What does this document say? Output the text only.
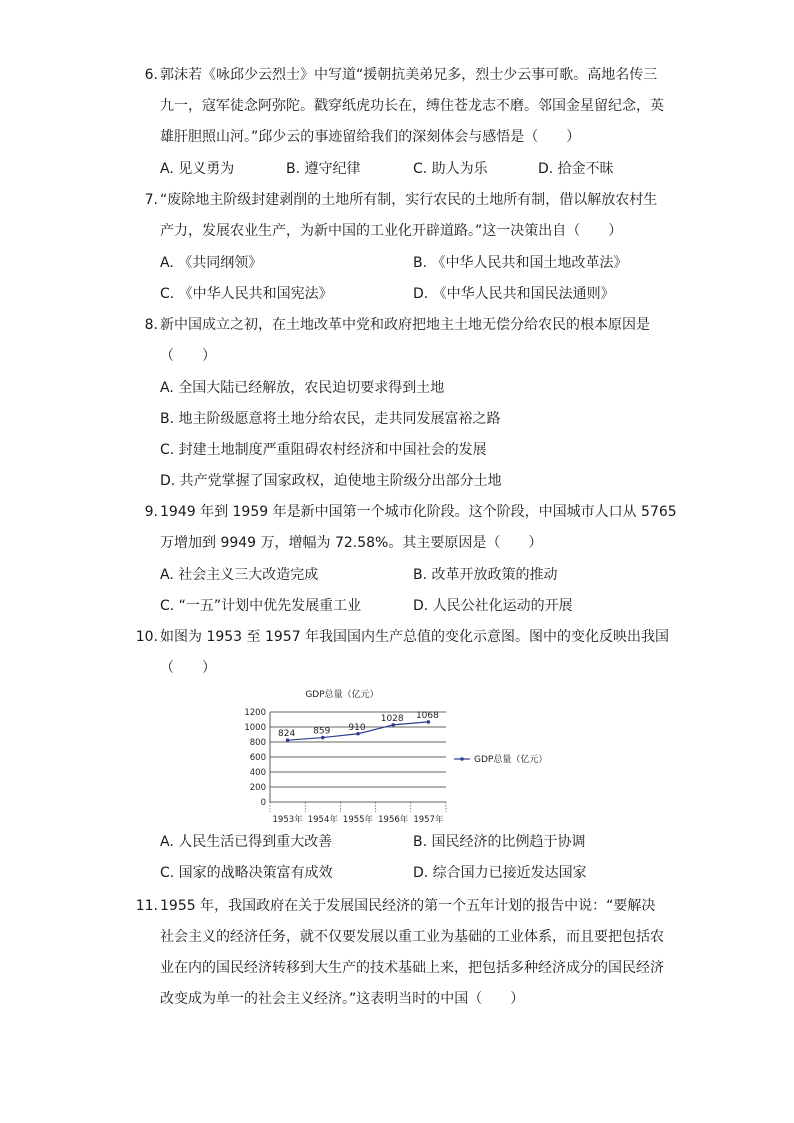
6. 郭沫若《咏邱少云烈士》中写道“援朝抗美弟兄多，烈士少云事可歌。高地名传三
九一，寇军徒念阿弥陀。戳穿纸虎功长在，缚住苍龙志不磨。邻国金星留纪念，英
雄肝胆照山河。”邱少云的事迹留给我们的深刻体会与感悟是（　　）
A. 见义勇为	B. 遵守纪律	C. 助人为乐	D. 拾金不昧
7. “废除地主阶级封建剥削的土地所有制，实行农民的土地所有制，借以解放农村生
产力，发展农业生产，为新中国的工业化开辟道路。”这一决策出自（　　）
A. 《共同纲领》	B. 《中华人民共和国土地改革法》
C. 《中华人民共和国宪法》	D. 《中华人民共和国民法通则》
8. 新中国成立之初，在土地改革中党和政府把地主土地无偿分给农民的根本原因是
（　　）
A. 全国大陆已经解放，农民迫切要求得到土地
B. 地主阶级愿意将土地分给农民，走共同发展富裕之路
C. 封建土地制度严重阻碍农村经济和中国社会的发展
D. 共产党掌握了国家政权，迫使地主阶级分出部分土地
9. 1949 年到 1959 年是新中国第一个城市化阶段。这个阶段，中国城市人口从 5765
万增加到 9949 万，增幅为 72.58%。其主要原因是（　　）
A. 社会主义三大改造完成	B. 改革开放政策的推动
C. “一五”计划中优先发展重工业	D. 人民公社化运动的开展
10. 如图为 1953 至 1957 年我国国内生产总值的变化示意图。图中的变化反映出我国
（　　）
GDP总量（亿元）
0
200
400
600
800
1000
1200
1953年 1954年 1955年 1956年 1957年
824 859 910
1028 1068
GDP总量（亿元）
A. 人民生活已得到重大改善	B. 国民经济的比例趋于协调
C. 国家的战略决策富有成效	D. 综合国力已接近发达国家
11. 1955 年，我国政府在关于发展国民经济的第一个五年计划的报告中说：“要解决
社会主义的经济任务，就不仅要发展以重工业为基础的工业体系，而且要把包括农
业在内的国民经济转移到大生产的技术基础上来，把包括多种经济成分的国民经济
改变成为单一的社会主义经济。”这表明当时的中国（　　）
